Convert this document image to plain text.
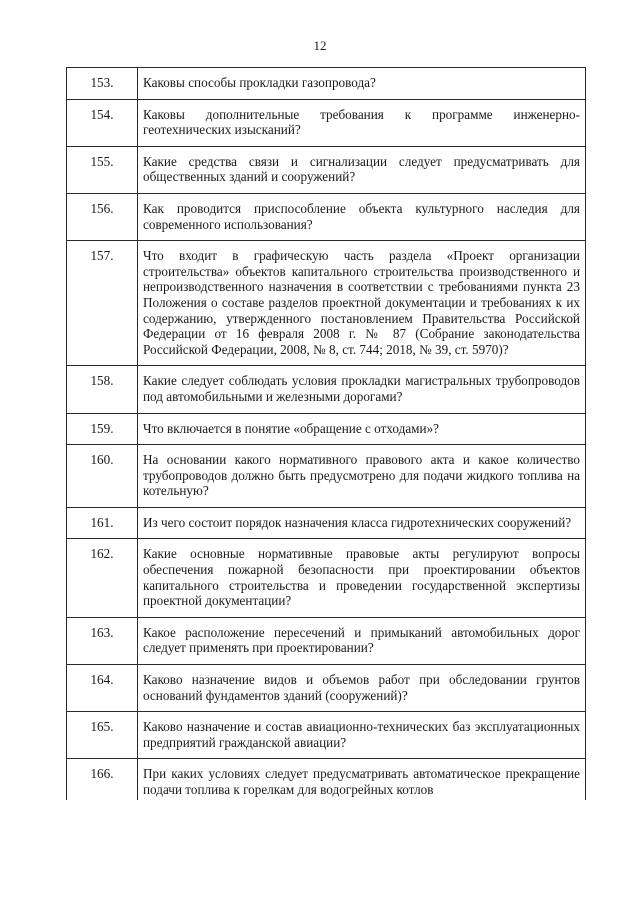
12
153.	Каковы способы прокладки газопровода?
154.	Каковы дополнительные требования к программе инженерно-геотехнических изысканий?
155.	Какие средства связи и сигнализации следует предусматривать для общественных зданий и сооружений?
156.	Как проводится приспособление объекта культурного наследия для современного использования?
157.	Что входит в графическую часть раздела «Проект организации строительства» объектов капитального строительства производственного и непроизводственного назначения в соответствии с требованиями пункта 23 Положения о составе разделов проектной документации и требованиях к их содержанию, утвержденного постановлением Правительства Российской Федерации от 16 февраля 2008 г. № 87 (Собрание законодательства Российской Федерации, 2008, № 8, ст. 744; 2018, № 39, ст. 5970)?
158.	Какие следует соблюдать условия прокладки магистральных трубопроводов под автомобильными и железными дорогами?
159.	Что включается в понятие «обращение с отходами»?
160.	На основании какого нормативного правового акта и какое количество трубопроводов должно быть предусмотрено для подачи жидкого топлива на котельную?
161.	Из чего состоит порядок назначения класса гидротехнических сооружений?
162.	Какие основные нормативные правовые акты регулируют вопросы обеспечения пожарной безопасности при проектировании объектов капитального строительства и проведении государственной экспертизы проектной документации?
163.	Какое расположение пересечений и примыканий автомобильных дорог следует применять при проектировании?
164.	Каково назначение видов и объемов работ при обследовании грунтов оснований фундаментов зданий (сооружений)?
165.	Каково назначение и состав авиационно-технических баз эксплуатационных предприятий гражданской авиации?
166.	При каких условиях следует предусматривать автоматическое прекращение подачи топлива к горелкам для водогрейных котлов
